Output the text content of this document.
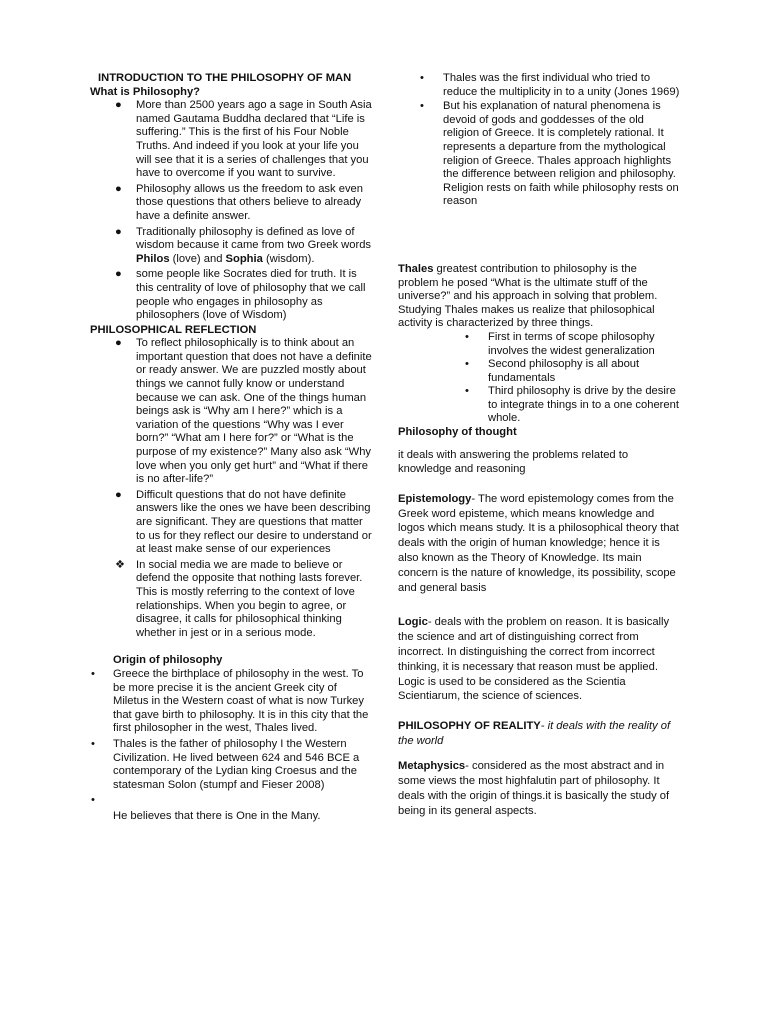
INTRODUCTION TO THE PHILOSOPHY OF MAN
What is Philosophy?
● More than 2500 years ago a sage in South Asia named Gautama Buddha declared that “Life is suffering.” This is the first of his Four Noble Truths. And indeed if you look at your life you will see that it is a series of challenges that you have to overcome if you want to survive.
● Philosophy allows us the freedom to ask even those questions that others believe to already have a definite answer.
● Traditionally philosophy is defined as love of wisdom because it came from two Greek words Philos (love) and Sophia (wisdom).
● some people like Socrates died for truth. It is this centrality of love of philosophy that we call people who engages in philosophy as philosophers (love of Wisdom)
PHILOSOPHICAL REFLECTION
● To reflect philosophically is to think about an important question that does not have a definite or ready answer. We are puzzled mostly about things we cannot fully know or understand because we can ask. One of the things human beings ask is “Why am I here?” which is a variation of the questions “Why was I ever born?” “What am I here for?” or “What is the purpose of my existence?” Many also ask “Why love when you only get hurt” and “What if there is no after-life?”
● Difficult questions that do not have definite answers like the ones we have been describing are significant. They are questions that matter to us for they reflect our desire to understand or at least make sense of our experiences
❖ In social media we are made to believe or defend the opposite that nothing lasts forever. This is mostly referring to the context of love relationships. When you begin to agree, or disagree, it calls for philosophical thinking whether in jest or in a serious mode.
Origin of philosophy
• Greece the birthplace of philosophy in the west. To be more precise it is the ancient Greek city of Miletus in the Western coast of what is now Turkey that gave birth to philosophy. It is in this city that the first philosopher in the west, Thales lived.
• Thales is the father of philosophy I the Western Civilization. He lived between 624 and 546 BCE a contemporary of the Lydian king Croesus and the statesman Solon (stumpf and Fieser 2008)
•
He believes that there is One in the Many.
• Thales was the first individual who tried to reduce the multiplicity in to a unity (Jones 1969)
• But his explanation of natural phenomena is devoid of gods and goddesses of the old religion of Greece. It is completely rational. It represents a departure from the mythological religion of Greece. Thales approach highlights the difference between religion and philosophy. Religion rests on faith while philosophy rests on reason

Thales greatest contribution to philosophy is the problem he posed “What is the ultimate stuff of the universe?” and his approach in solving that problem. Studying Thales makes us realize that philosophical activity is characterized by three things.

• First in terms of scope philosophy involves the widest generalization
• Second philosophy is all about fundamentals
• Third philosophy is drive by the desire to integrate things in to a one coherent whole.
Philosophy of thought

it deals with answering the problems related to knowledge and reasoning

Epistemology- The word epistemology comes from the Greek word episteme, which means knowledge and logos which means study. It is a philosophical theory that deals with the origin of human knowledge; hence it is also known as the Theory of Knowledge. Its main concern is the nature of knowledge, its possibility, scope and general basis

Logic- deals with the problem on reason. It is basically the science and art of distinguishing correct from incorrect. In distinguishing the correct from incorrect thinking, it is necessary that reason must be applied. Logic is used to be considered as the Scientia Scientiarum, the science of sciences.

PHILOSOPHY OF REALITY- it deals with the reality of the world

Metaphysics- considered as the most abstract and in some views the most highfalutin part of philosophy. It deals with the origin of things.it is basically the study of being in its general aspects.
